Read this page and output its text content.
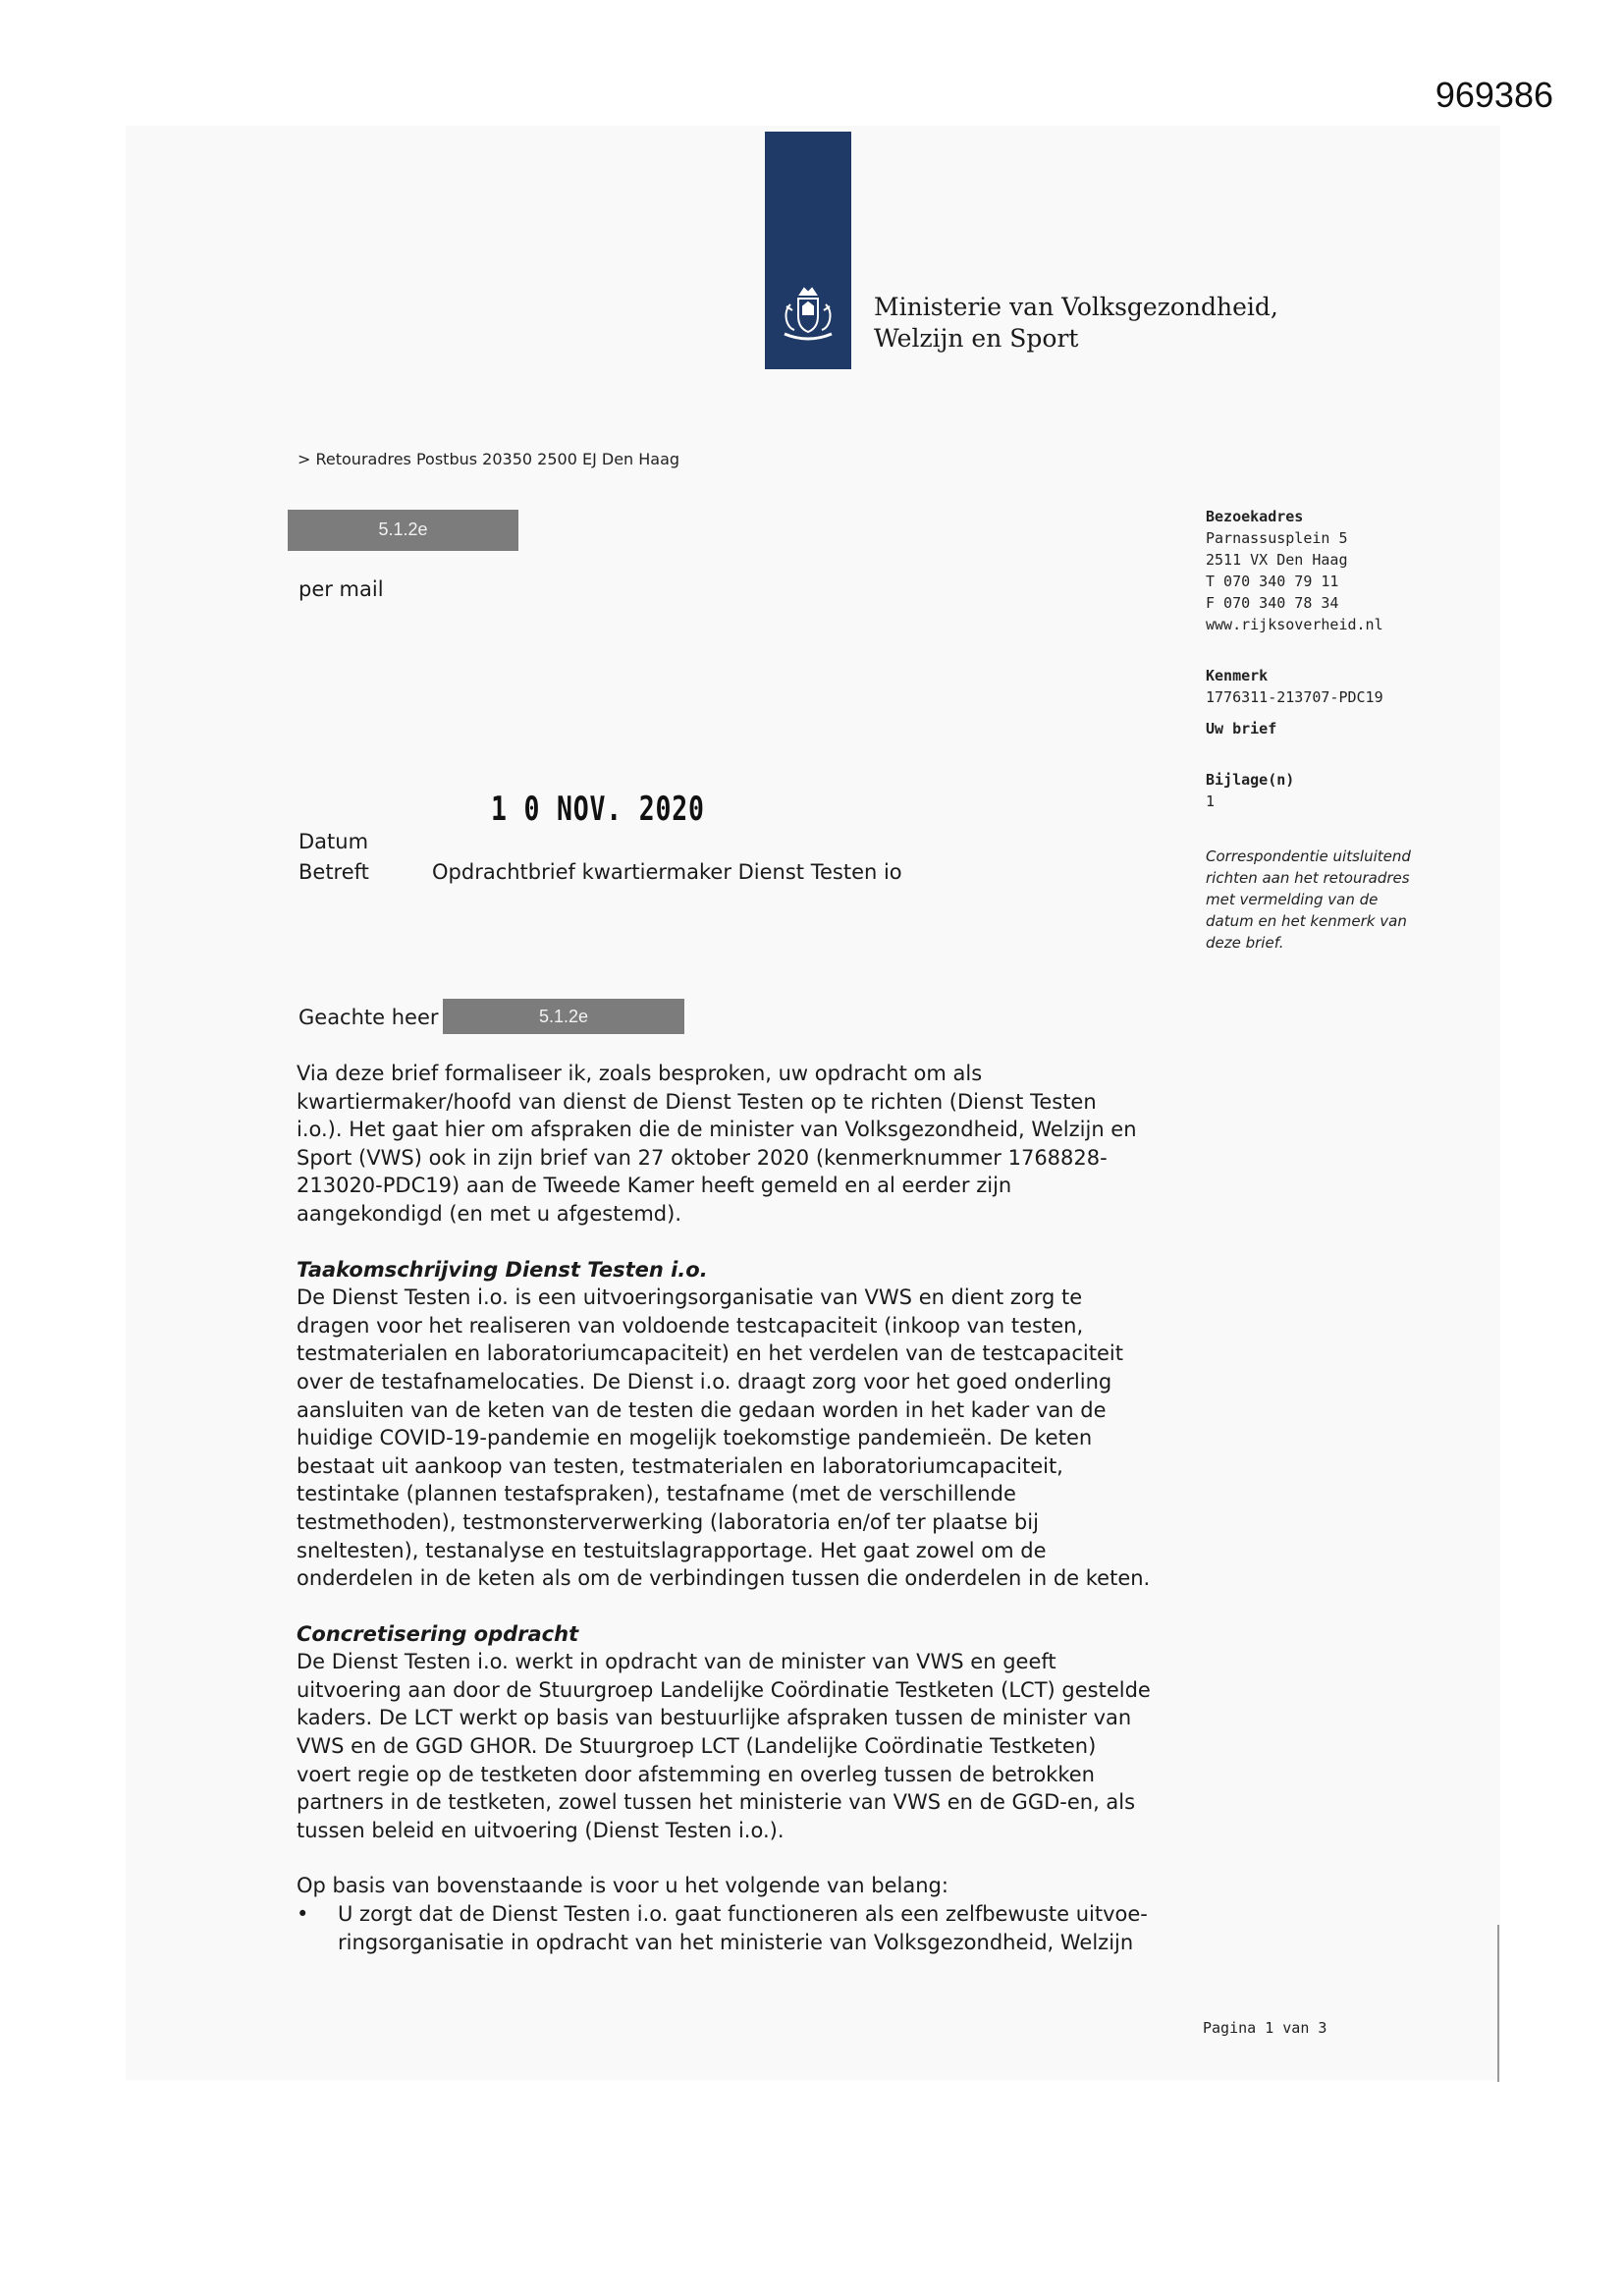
969386
Ministerie van Volksgezondheid,
Welzijn en Sport
> Retouradres Postbus 20350 2500 EJ Den Haag
5.1.2e
per mail
Bezoekadres
Parnassusplein 5
2511 VX Den Haag
T 070 340 79 11
F 070 340 78 34
www.rijksoverheid.nl
Kenmerk
1776311-213707-PDC19
Uw brief
Bijlage(n)
1
Correspondentie uitsluitend
richten aan het retouradres
met vermelding van de
datum en het kenmerk van
deze brief.
1 0 NOV. 2020
Datum
Betreft	Opdrachtbrief kwartiermaker Dienst Testen io
Geachte heer	5.1.2e

Via deze brief formaliseer ik, zoals besproken, uw opdracht om als
kwartiermaker/hoofd van dienst de Dienst Testen op te richten (Dienst Testen
i.o.). Het gaat hier om afspraken die de minister van Volksgezondheid, Welzijn en
Sport (VWS) ook in zijn brief van 27 oktober 2020 (kenmerknummer 1768828-
213020-PDC19) aan de Tweede Kamer heeft gemeld en al eerder zijn
aangekondigd (en met u afgestemd).

Taakomschrijving Dienst Testen i.o.

De Dienst Testen i.o. is een uitvoeringsorganisatie van VWS en dient zorg te
dragen voor het realiseren van voldoende testcapaciteit (inkoop van testen,
testmaterialen en laboratoriumcapaciteit) en het verdelen van de testcapaciteit
over de testafnamelocaties. De Dienst i.o. draagt zorg voor het goed onderling
aansluiten van de keten van de testen die gedaan worden in het kader van de
huidige COVID-19-pandemie en mogelijk toekomstige pandemieën. De keten
bestaat uit aankoop van testen, testmaterialen en laboratoriumcapaciteit,
testintake (plannen testafspraken), testafname (met de verschillende
testmethoden), testmonsterverwerking (laboratoria en/of ter plaatse bij
sneltesten), testanalyse en testuitslagrapportage. Het gaat zowel om de
onderdelen in de keten als om de verbindingen tussen die onderdelen in de keten.

Concretisering opdracht

De Dienst Testen i.o. werkt in opdracht van de minister van VWS en geeft
uitvoering aan door de Stuurgroep Landelijke Coördinatie Testketen (LCT) gestelde
kaders. De LCT werkt op basis van bestuurlijke afspraken tussen de minister van
VWS en de GGD GHOR. De Stuurgroep LCT (Landelijke Coördinatie Testketen)
voert regie op de testketen door afstemming en overleg tussen de betrokken
partners in de testketen, zowel tussen het ministerie van VWS en de GGD-en, als
tussen beleid en uitvoering (Dienst Testen i.o.).

Op basis van bovenstaande is voor u het volgende van belang:

•	U zorgt dat de Dienst Testen i.o. gaat functioneren als een zelfbewuste uitvoe-
ringsorganisatie in opdracht van het ministerie van Volksgezondheid, Welzijn
Pagina 1 van 3
